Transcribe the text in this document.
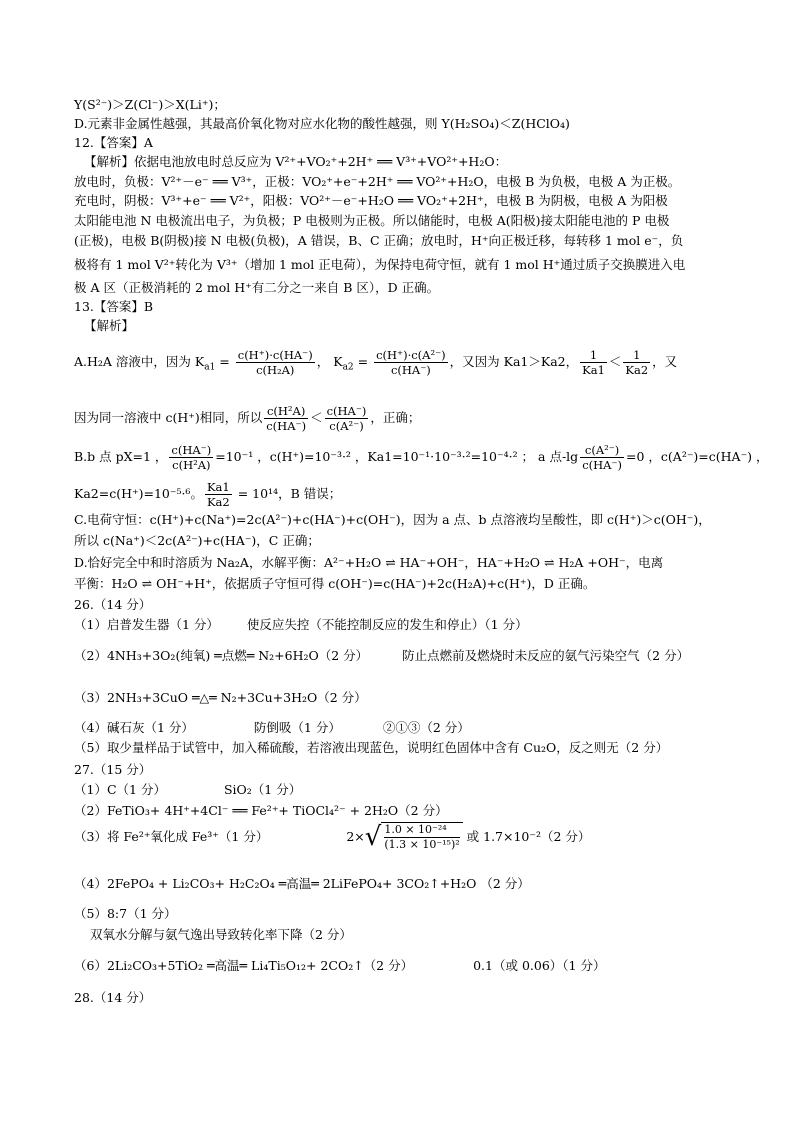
Y(S²⁻)＞Z(Cl⁻)＞X(Li⁺)；
D.元素非金属性越强，其最高价氧化物对应水化物的酸性越强，则 Y(H₂SO₄)＜Z(HClO₄)
12.【答案】A
【解析】依据电池放电时总反应为 V²⁺+VO₂⁺+2H⁺ ══ V³⁺+VO²⁺+H₂O：
放电时，负极：V²⁺－e⁻ ══ V³⁺，正极：VO₂⁺+e⁻+2H⁺ ══ VO²⁺+H₂O，电极 B 为负极，电极 A 为正极。
充电时，阴极：V³⁺+e⁻ ══ V²⁺，阳极：VO²⁺－e⁻+H₂O ══ VO₂⁺+2H⁺，电极 B 为阴极，电极 A 为阳极
太阳能电池 N 电极流出电子，为负极；P 电极则为正极。所以储能时，电极 A(阳极)接太阳能电池的 P 电极
(正极)，电极 B(阴极)接 N 电极(负极)，A 错误，B、C 正确；放电时，H⁺向正极迁移，每转移 1 mol e⁻，负
极将有 1 mol V²⁺转化为 V³⁺（增加 1 mol 正电荷），为保持电荷守恒，就有 1 mol H⁺通过质子交换膜进入电
极 A 区（正极消耗的 2 mol H⁺有二分之一来自 B 区），D 正确。
13.【答案】B
【解析】
A.H₂A 溶液中，因为 $K_{a1} = \frac{c(H^+)\cdot c(HA^-)}{\text{c(H₂A)}}$ ， $K_{a2} = \frac{\text{c(H⁺)·c(A²⁻)}}{c(HA^-)}$ ，又因为 Ka1＞Ka2， $\frac{1}{Ka1} < \frac{1}{Ka2}$ ，又
因为同一溶液中 c(H⁺)相同，所以 $\frac{\text{c(H²A)}}{c(HA^-)} < \frac{c(HA^-)}{\text{c(A²⁻)}}$ ，正确；
B.b 点 pX=1 ， $\frac{c(HA^-)}{\text{c(H²A)}} =10^{-1}$ ，c(H⁺)=10⁻³·² ，Ka1=10⁻¹·10⁻³·²=10⁻⁴·² ； a 点$-\lg \frac{\text{c(A²⁻)}}{c(HA^-)} =0$ ，c(A²⁻)=c(HA⁻) ，
Ka2=c(H⁺)=10⁻⁵·⁶。 $\frac{Ka1}{Ka2} = 10^{14}$，B 错误；
C.电荷守恒：c(H⁺)+c(Na⁺)=2c(A²⁻)+c(HA⁻)+c(OH⁻)，因为 a 点、b 点溶液均呈酸性，即 c(H⁺)＞c(OH⁻)，
所以 c(Na⁺)＜2c(A²⁻)+c(HA⁻)，C 正确；
D.恰好完全中和时溶质为 Na₂A，水解平衡：A²⁻+H₂O ⇌ HA⁻+OH⁻，HA⁻+H₂O ⇌ H₂A +OH⁻，电离
平衡：H₂O ⇌ OH⁻+H⁺，依据质子守恒可得 c(OH⁻)=c(HA⁻)+2c(H₂A)+c(H⁺)，D 正确。
26.（14 分）
（1）启普发生器（1 分） 使反应失控（不能控制反应的发生和停止）（1 分）
（2）4NH₃+3O₂(纯氧) ═点燃═ N₂+6H₂O（2 分）	防止点燃前及燃烧时未反应的氨气污染空气（2 分）
（3）2NH₃+3CuO ═△═ N₂+3Cu+3H₂O（2 分）
（4）碱石灰（1 分）	防倒吸（1 分）	②①③（2 分）
（5）取少量样品于试管中，加入稀硫酸，若溶液出现蓝色，说明红色固体中含有 Cu₂O，反之则无（2 分）
27.（15 分）
（1）C（1 分）	SiO₂（1 分）
（2）FeTiO₃+ 4H⁺+4Cl⁻ ══ Fe²⁺+ TiOCl₄²⁻ + 2H₂O（2 分）
（3）将 Fe²⁺氧化成 Fe³⁺（1 分）	$2\times√ \frac{\text{1.0 × 10⁻²⁴}}{\text{(1.3 × 10⁻¹⁵)²}}$ 或 1.7×10⁻²（2 分）
（4）2FePO₄ + Li₂CO₃+ H₂C₂O₄ ═高温═ 2LiFePO₄+ 3CO₂↑+H₂O （2 分）
（5）8:7（1 分）
双氧水分解与氨气逸出导致转化率下降（2 分）
（6）2Li₂CO₃+5TiO₂ ═高温═ Li₄Ti₅O₁₂+ 2CO₂↑（2 分）	0.1（或 0.06）（1 分）
28.（14 分）
